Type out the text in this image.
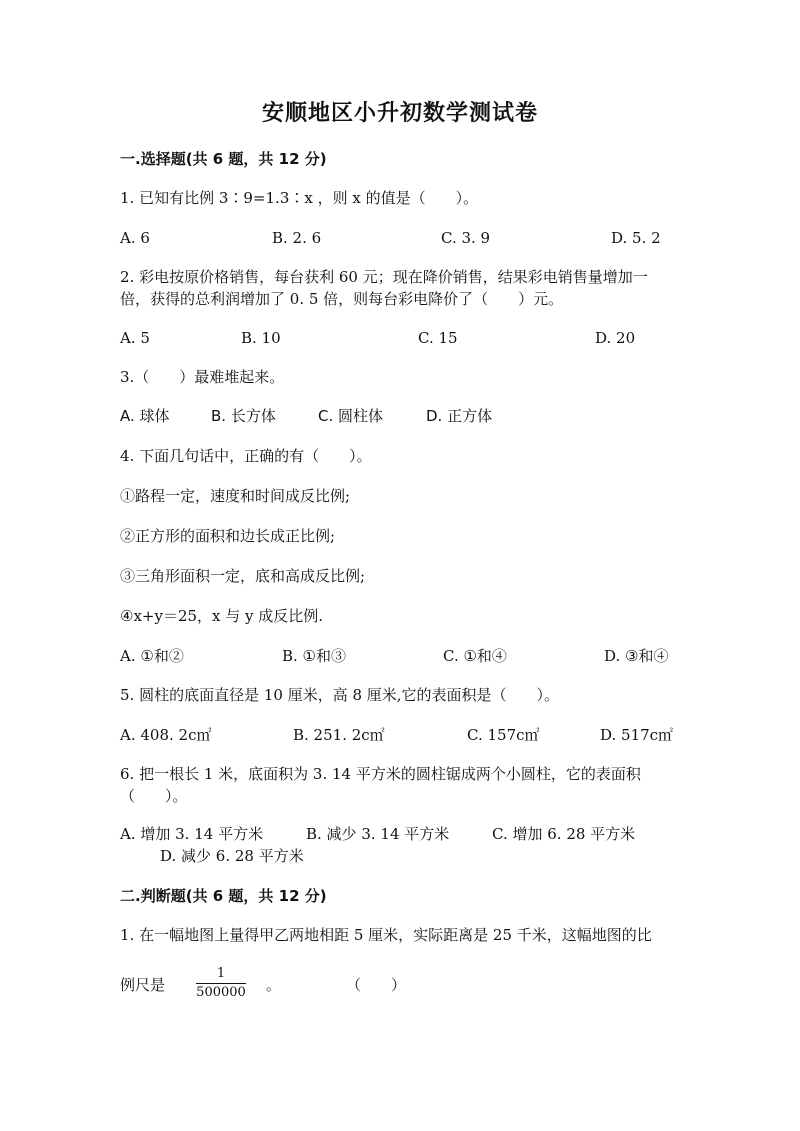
安顺地区小升初数学测试卷
一.选择题(共 6 题，共 12 分)
1. 已知有比例 3∶9=1.3∶x ，则 x 的值是（　　）。
A. 6	B. 2. 6	C. 3. 9	D. 5. 2
2. 彩电按原价格销售，每台获利 60 元；现在降价销售，结果彩电销售量增加一
倍，获得的总利润增加了 0. 5 倍，则每台彩电降价了（　　）元。
A. 5	B. 10	C. 15	D. 20
3.（　　）最难堆起来。
A. 球体	B. 长方体	C. 圆柱体	D. 正方体
4. 下面几句话中，正确的有（　　）。
①路程一定，速度和时间成反比例;
②正方形的面积和边长成正比例;
③三角形面积一定，底和高成反比例;
④x+y＝25，x 与 y 成反比例.
A. ①和②	B. ①和③	C. ①和④	D. ③和④
5. 圆柱的底面直径是 10 厘米，高 8 厘米,它的表面积是（　　）。
A. 408. 2c㎡	B. 251. 2c㎡	C. 157c㎡	D. 517c㎡
6. 把一根长 1 米，底面积为 3. 14 平方米的圆柱锯成两个小圆柱，它的表面积
（　　）。
A. 增加 3. 14 平方米	B. 减少 3. 14 平方米	C. 增加 6. 28 平方米
D. 减少 6. 28 平方米
二.判断题(共 6 题，共 12 分)
1. 在一幅地图上量得甲乙两地相距 5 厘米，实际距离是 25 千米，这幅地图的比
例尺是
1
500000 。	（　　）
